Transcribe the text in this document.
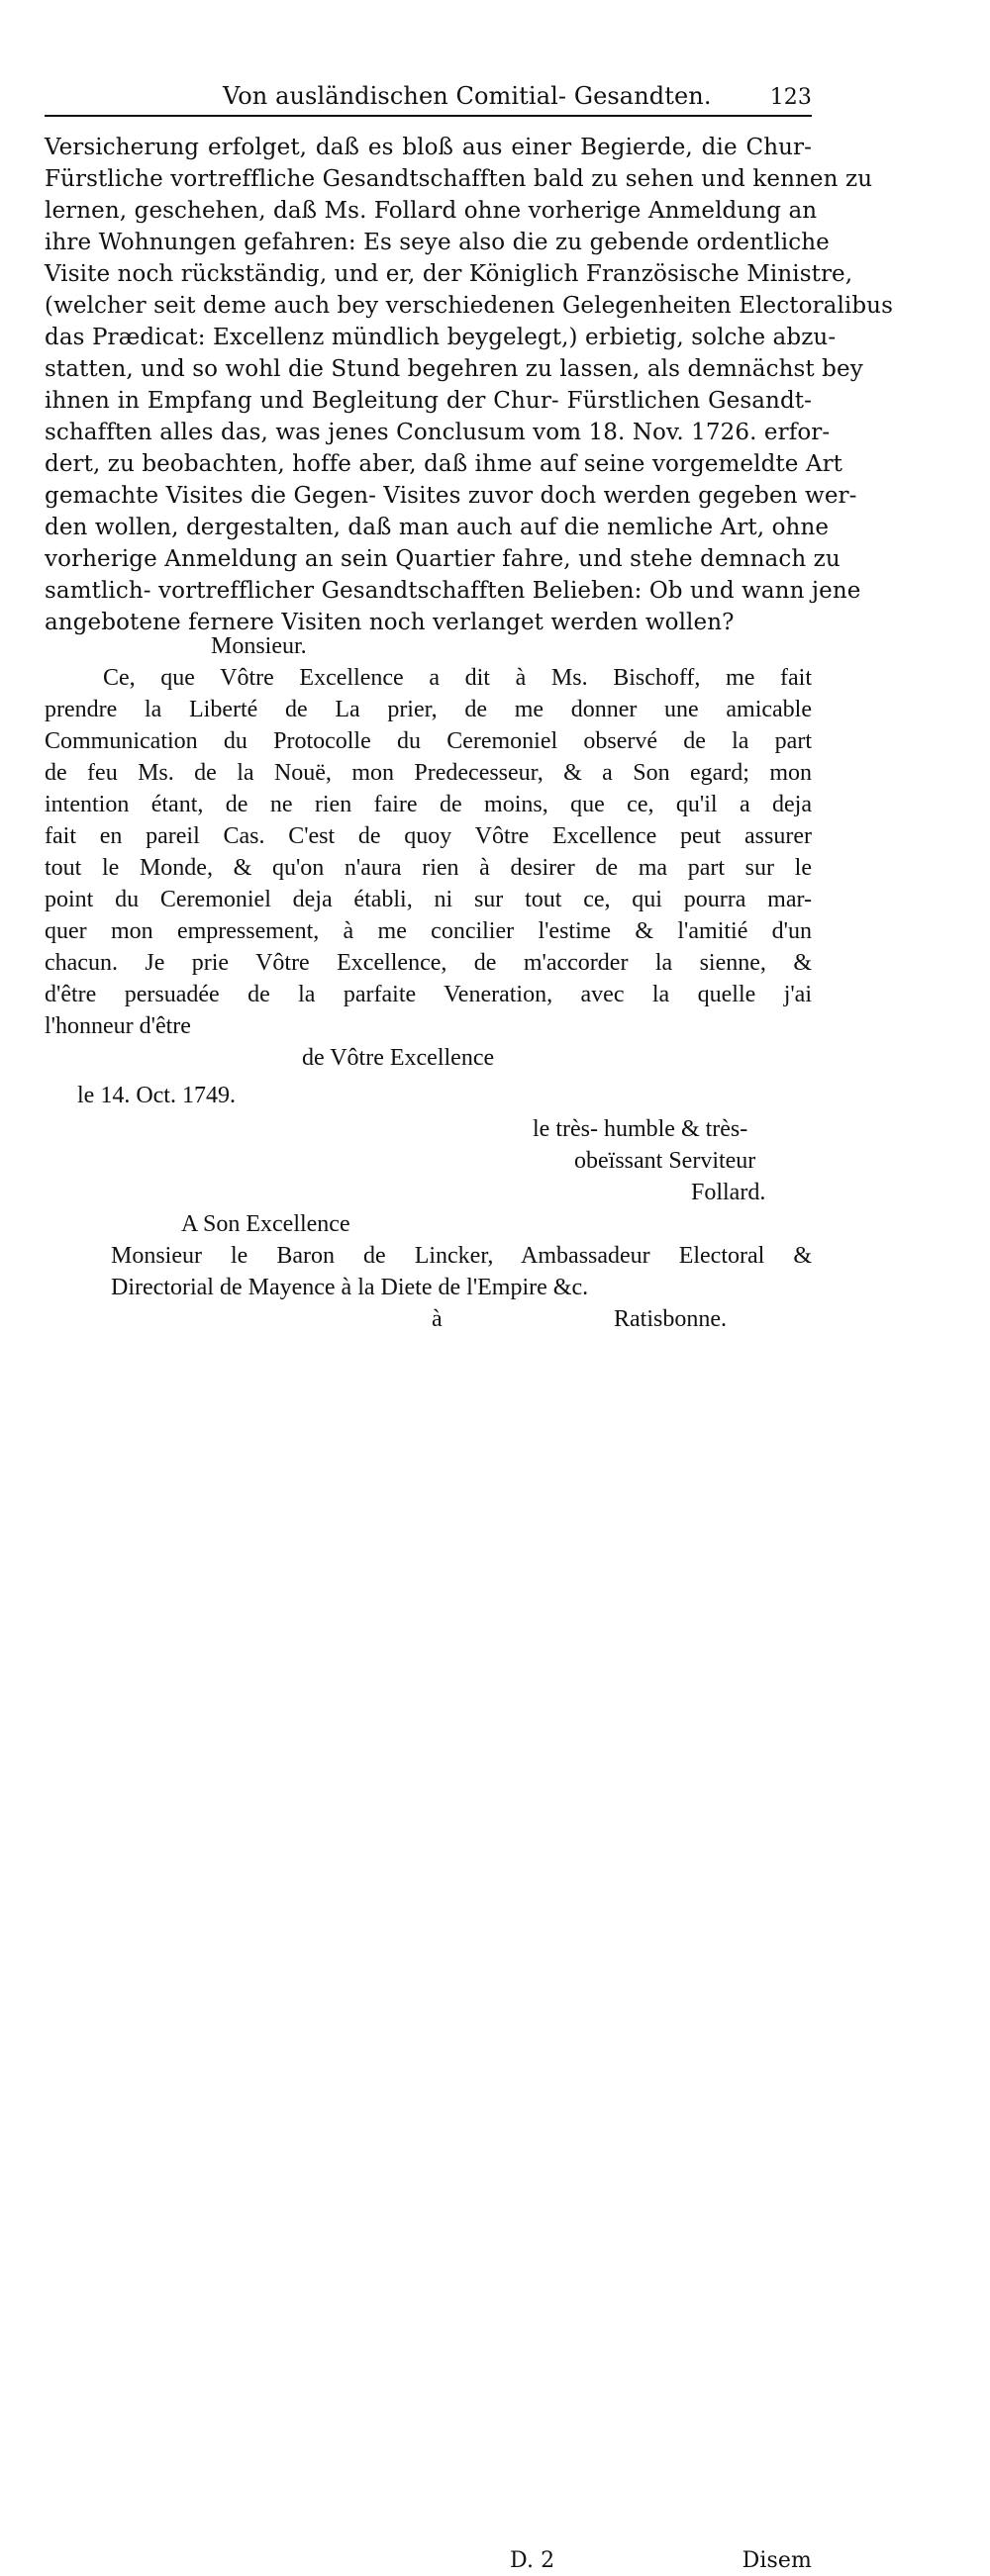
Von ausländischen Comitial- Gesandten.	123
Versicherung erfolget, daß es bloß aus einer Begierde, die Chur-
Fürstliche vortreffliche Gesandtschafften bald zu sehen und kennen zu
lernen, geschehen, daß Ms. Follard ohne vorherige Anmeldung an
ihre Wohnungen gefahren: Es seye also die zu gebende ordentliche
Visite noch rückständig, und er, der Königlich Französische Ministre,
(welcher seit deme auch bey verschiedenen Gelegenheiten Electoralibus
das Prædicat: Excellenz mündlich beygelegt,) erbietig, solche abzu-
statten, und so wohl die Stund begehren zu lassen, als demnächst bey
ihnen in Empfang und Begleitung der Chur- Fürstlichen Gesandt-
schafften alles das, was jenes Conclusum vom 18. Nov. 1726. erfor-
dert, zu beobachten, hoffe aber, daß ihme auf seine vorgemeldte Art
gemachte Visites die Gegen- Visites zuvor doch werden gegeben wer-
den wollen, dergestalten, daß man auch auf die nemliche Art, ohne
vorherige Anmeldung an sein Quartier fahre, und stehe demnach zu
samtlich- vortrefflicher Gesandtschafften Belieben: Ob und wann jene
angebotene fernere Visiten noch verlanget werden wollen?
Monsieur.
Ce, que Vôtre Excellence a dit à Ms. Bischoff, me fait
prendre la Liberté de La prier, de me donner une amicable
Communication du Protocolle du Ceremoniel observé de la part
de feu Ms. de la Nouë, mon Predecesseur, & a Son egard; mon
intention étant, de ne rien faire de moins, que ce, qu'il a deja
fait en pareil Cas. C'est de quoy Vôtre Excellence peut assurer
tout le Monde, & qu'on n'aura rien à desirer de ma part sur le
point du Ceremoniel deja établi, ni sur tout ce, qui pourra mar-
quer mon empressement, à me concilier l'estime & l'amitié d'un
chacun. Je prie Vôtre Excellence, de m'accorder la sienne, &
d'être persuadée de la parfaite Veneration, avec la quelle j'ai
l'honneur d'être
de Vôtre Excellence
le 14. Oct. 1749.
le très- humble & très-
obeïssant Serviteur
Follard.
A Son Excellence
Monsieur le Baron de Lincker, Ambassadeur Electoral &
Directorial de Mayence à la Diete de l'Empire &c.
à	Ratisbonne.
D. 2	Disem
